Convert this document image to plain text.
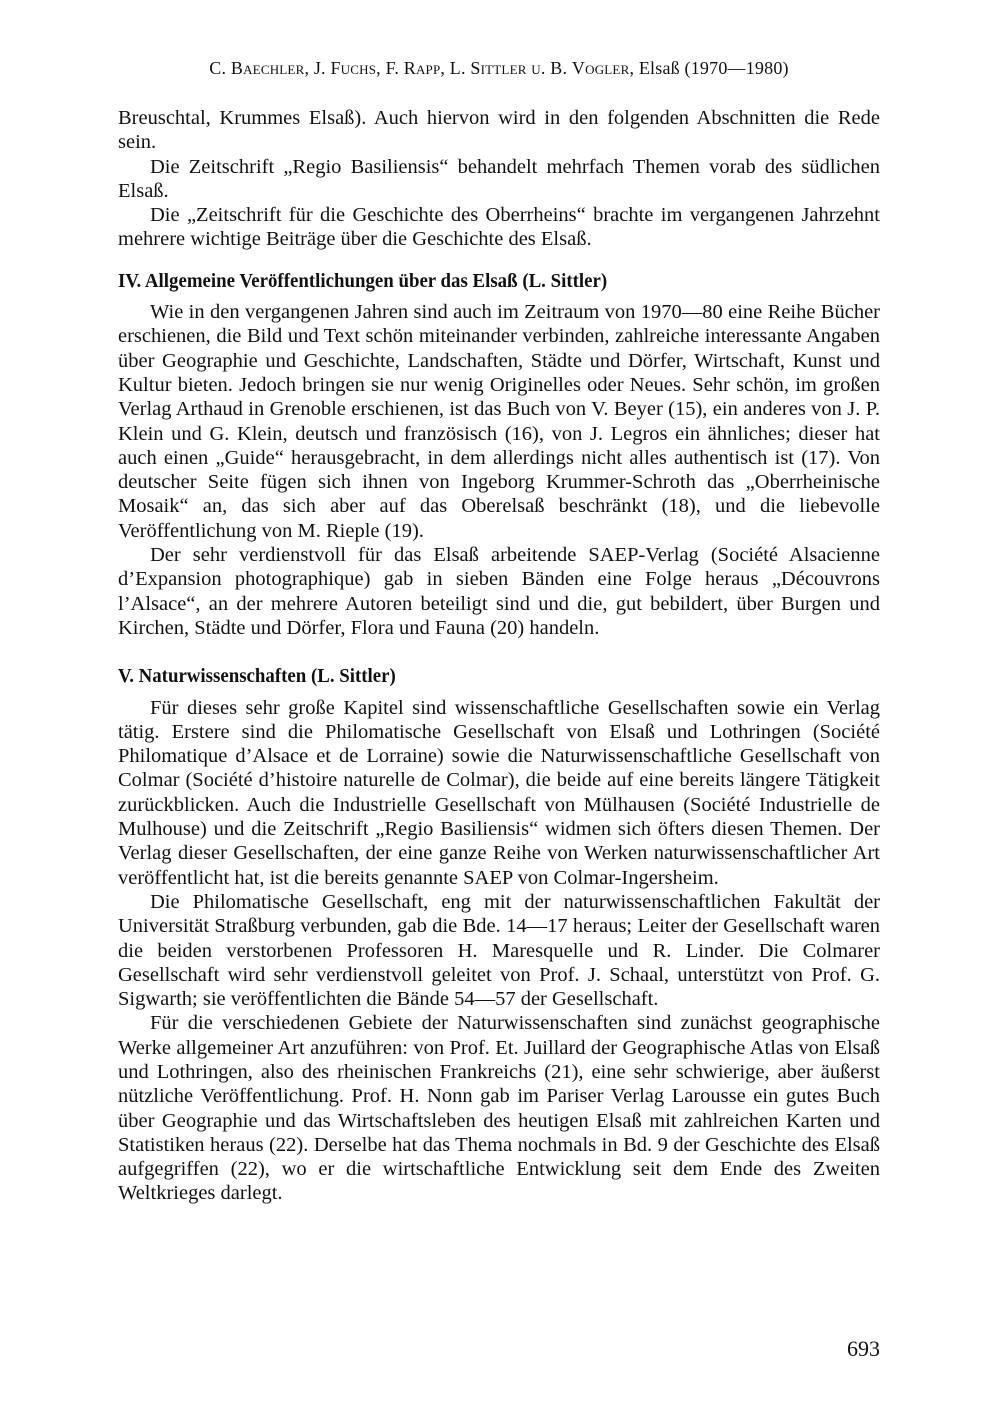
C. Baechler, J. Fuchs, F. Rapp, L. Sittler u. B. Vogler, Elsaß (1970—1980)

Breuschtal, Krummes Elsaß). Auch hiervon wird in den folgenden Abschnitten die Rede sein.

Die Zeitschrift „Regio Basiliensis“ behandelt mehrfach Themen vorab des südlichen Elsaß.

Die „Zeitschrift für die Geschichte des Oberrheins“ brachte im vergangenen Jahrzehnt mehrere wichtige Beiträge über die Geschichte des Elsaß.

IV. Allgemeine Veröffentlichungen über das Elsaß (L. Sittler)

Wie in den vergangenen Jahren sind auch im Zeitraum von 1970—80 eine Reihe Bücher erschienen, die Bild und Text schön miteinander verbinden, zahlreiche interessante Angaben über Geographie und Geschichte, Landschaften, Städte und Dörfer, Wirtschaft, Kunst und Kultur bieten. Jedoch bringen sie nur wenig Originelles oder Neues. Sehr schön, im großen Verlag Arthaud in Grenoble erschienen, ist das Buch von V. Beyer (15), ein anderes von J. P. Klein und G. Klein, deutsch und französisch (16), von J. Legros ein ähnliches; dieser hat auch einen „Guide“ herausgebracht, in dem allerdings nicht alles authentisch ist (17). Von deutscher Seite fügen sich ihnen von Ingeborg Krummer-Schroth das „Oberrheinische Mosaik“ an, das sich aber auf das Oberelsaß beschränkt (18), und die liebevolle Veröffentlichung von M. Rieple (19).

Der sehr verdienstvoll für das Elsaß arbeitende SAEP-Verlag (Société Alsacienne d’Expansion photographique) gab in sieben Bänden eine Folge heraus „Découvrons l’Alsace“, an der mehrere Autoren beteiligt sind und die, gut bebildert, über Burgen und Kirchen, Städte und Dörfer, Flora und Fauna (20) handeln.

V. Naturwissenschaften (L. Sittler)

Für dieses sehr große Kapitel sind wissenschaftliche Gesellschaften sowie ein Verlag tätig. Erstere sind die Philomatische Gesellschaft von Elsaß und Lothringen (Société Philomatique d’Alsace et de Lorraine) sowie die Naturwissenschaftliche Gesellschaft von Colmar (Société d’histoire naturelle de Colmar), die beide auf eine bereits längere Tätigkeit zurückblicken. Auch die Industrielle Gesellschaft von Mülhausen (Société Industrielle de Mulhouse) und die Zeitschrift „Regio Basiliensis“ widmen sich öfters diesen Themen. Der Verlag dieser Gesellschaften, der eine ganze Reihe von Werken naturwissenschaftlicher Art veröffentlicht hat, ist die bereits genannte SAEP von Colmar-Ingersheim.

Die Philomatische Gesellschaft, eng mit der naturwissenschaftlichen Fakultät der Universität Straßburg verbunden, gab die Bde. 14—17 heraus; Leiter der Gesellschaft waren die beiden verstorbenen Professoren H. Maresquelle und R. Linder. Die Colmarer Gesellschaft wird sehr verdienstvoll geleitet von Prof. J. Schaal, unterstützt von Prof. G. Sigwarth; sie veröffentlichten die Bände 54—57 der Gesellschaft.

Für die verschiedenen Gebiete der Naturwissenschaften sind zunächst geographische Werke allgemeiner Art anzuführen: von Prof. Et. Juillard der Geographische Atlas von Elsaß und Lothringen, also des rheinischen Frankreichs (21), eine sehr schwierige, aber äußerst nützliche Veröffentlichung. Prof. H. Nonn gab im Pariser Verlag Larousse ein gutes Buch über Geographie und das Wirtschaftsleben des heutigen Elsaß mit zahlreichen Karten und Statistiken heraus (22). Derselbe hat das Thema nochmals in Bd. 9 der Geschichte des Elsaß aufgegriffen (22), wo er die wirtschaftliche Entwicklung seit dem Ende des Zweiten Weltkrieges darlegt.

693
